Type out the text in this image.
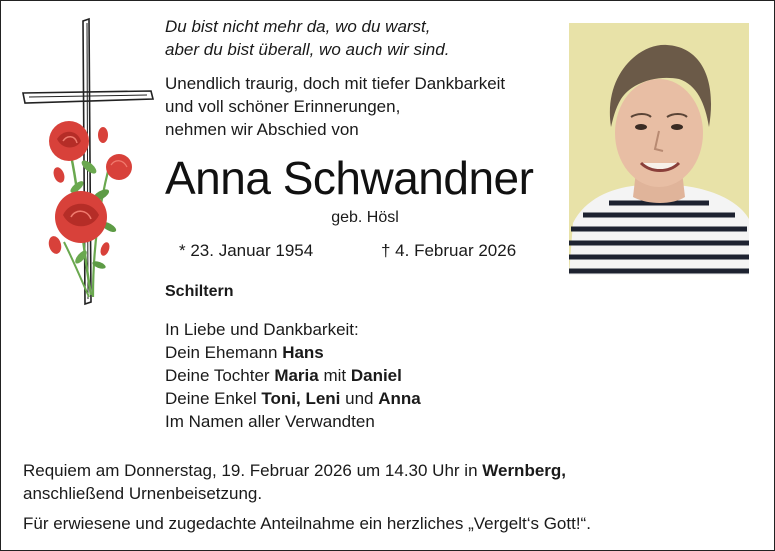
Du bist nicht mehr da, wo du warst,
aber du bist überall, wo auch wir sind.
Unendlich traurig, doch mit tiefer Dankbarkeit
und voll schöner Erinnerungen,
nehmen wir Abschied von
Anna Schwandner
geb. Hösl
* 23. Januar 1954	† 4. Februar 2026
Schiltern
In Liebe und Dankbarkeit:
Dein Ehemann Hans
Deine Tochter Maria mit Daniel
Deine Enkel Toni, Leni und Anna
Im Namen aller Verwandten
Requiem am Donnerstag, 19. Februar 2026 um 14.30 Uhr in Wernberg,
anschließend Urnenbeisetzung.
Für erwiesene und zugedachte Anteilnahme ein herzliches „Vergelt‘s Gott!“.
